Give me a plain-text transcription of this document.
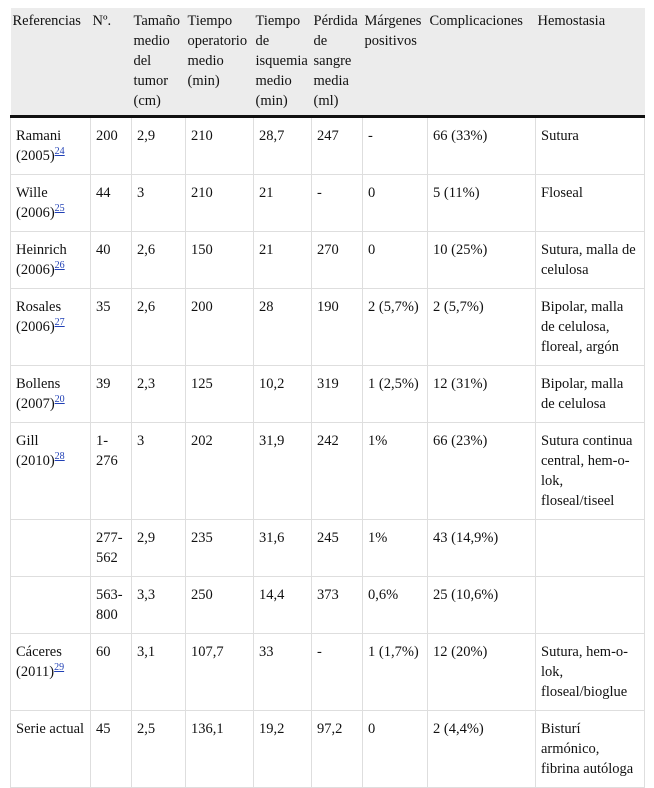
Referencias	Nº.	Tamaño medio del tumor (cm)	Tiempo operatorio medio (min)	Tiempo de isquemia medio (min)	Pérdida de sangre media (ml)	Márgenes positivos	Complicaciones	Hemostasia
Ramani $(2005)^{24}$	200	2,9	210	28,7	247	-	66 (33%)	Sutura
Wille $(2006)^{25}$	44	3	210	21	-	0	5 (11%)	Floseal
Heinrich $(2006)^{26}$	40	2,6	150	21	270	0	10 (25%)	Sutura, malla de celulosa
Rosales $(2006)^{27}$	35	2,6	200	28	190	2 (5,7%)	2 (5,7%)	Bipolar, malla de celulosa, floreal, argón
Bollens $(2007)^{20}$	39	2,3	125	10,2	319	1 (2,5%)	12 (31%)	Bipolar, malla de celulosa
Gill $(2010)^{28}$	1-276	3	202	31,9	242	1%	66 (23%)	Sutura continua central, hem-o-lok, floseal/tiseel
	277-562	2,9	235	31,6	245	1%	43 (14,9%)	
	563-800	3,3	250	14,4	373	0,6%	25 (10,6%)	
Cáceres $(2011)^{29}$	60	3,1	107,7	33	-	1 (1,7%)	12 (20%)	Sutura, hem-o-lok, floseal/bioglue
Serie actual	45	2,5	136,1	19,2	97,2	0	2 (4,4%)	Bisturí armónico, fibrina autóloga
